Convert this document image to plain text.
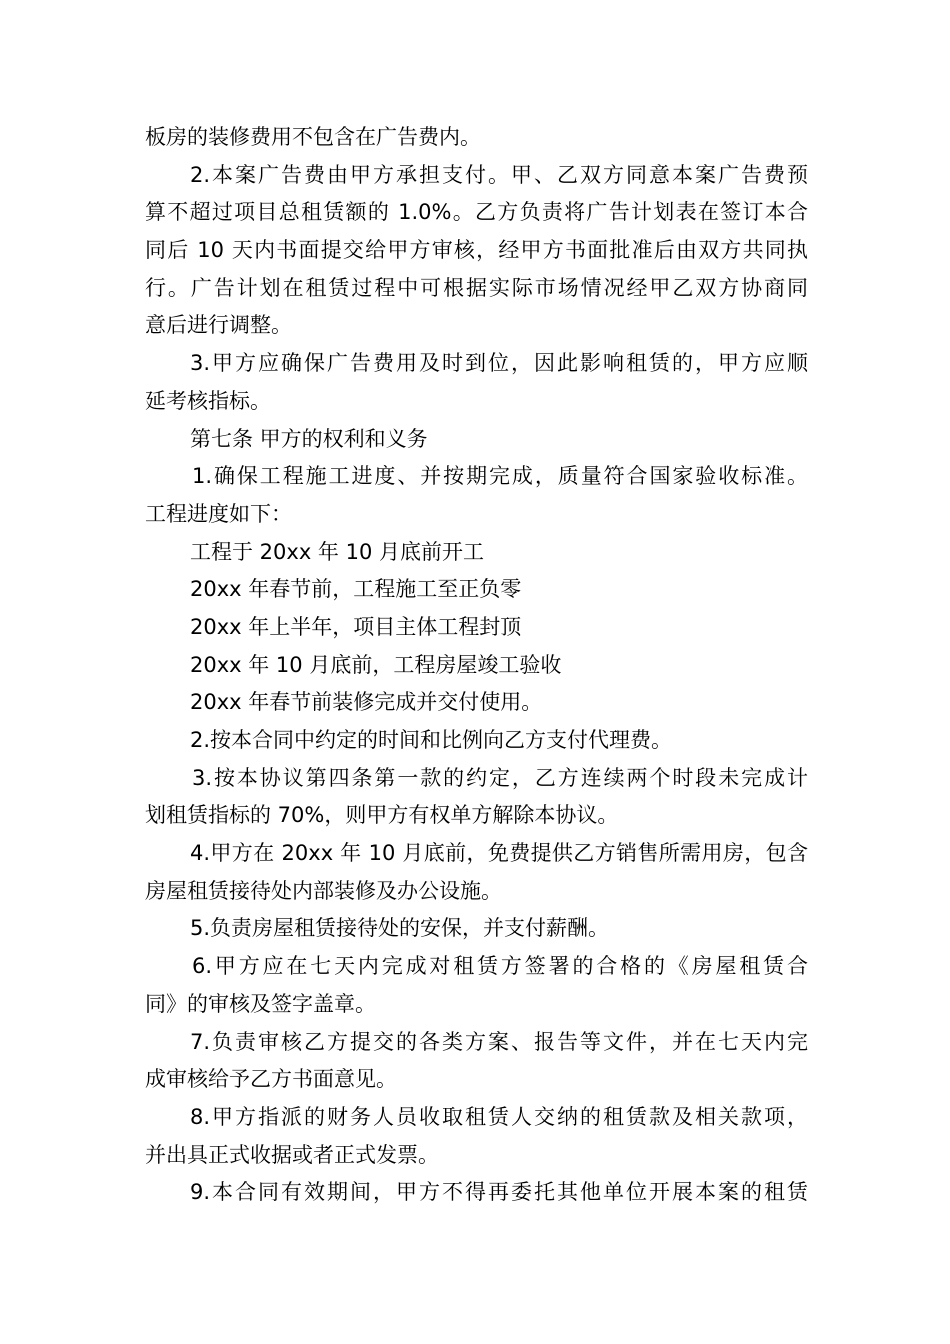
板房的装修费用不包含在广告费内。
2.本案广告费由甲方承担支付。甲、乙双方同意本案广告费预
算不超过项目总租赁额的 1.0%。乙方负责将广告计划表在签订本合
同后 10 天内书面提交给甲方审核，经甲方书面批准后由双方共同执
行。广告计划在租赁过程中可根据实际市场情况经甲乙双方协商同
意后进行调整。
3.甲方应确保广告费用及时到位，因此影响租赁的，甲方应顺
延考核指标。
第七条 甲方的权利和义务
1.确保工程施工进度、并按期完成，质量符合国家验收标准。
工程进度如下：
工程于 20xx 年 10 月底前开工
20xx 年春节前，工程施工至正负零
20xx 年上半年，项目主体工程封顶
20xx 年 10 月底前，工程房屋竣工验收
20xx 年春节前装修完成并交付使用。
2.按本合同中约定的时间和比例向乙方支付代理费。
3.按本协议第四条第一款的约定，乙方连续两个时段未完成计
划租赁指标的 70%，则甲方有权单方解除本协议。
4.甲方在 20xx 年 10 月底前，免费提供乙方销售所需用房，包含
房屋租赁接待处内部装修及办公设施。
5.负责房屋租赁接待处的安保，并支付薪酬。
6.甲方应在七天内完成对租赁方签署的合格的《房屋租赁合
同》的审核及签字盖章。
7.负责审核乙方提交的各类方案、报告等文件，并在七天内完
成审核给予乙方书面意见。
8.甲方指派的财务人员收取租赁人交纳的租赁款及相关款项，
并出具正式收据或者正式发票。
9.本合同有效期间，甲方不得再委托其他单位开展本案的租赁
